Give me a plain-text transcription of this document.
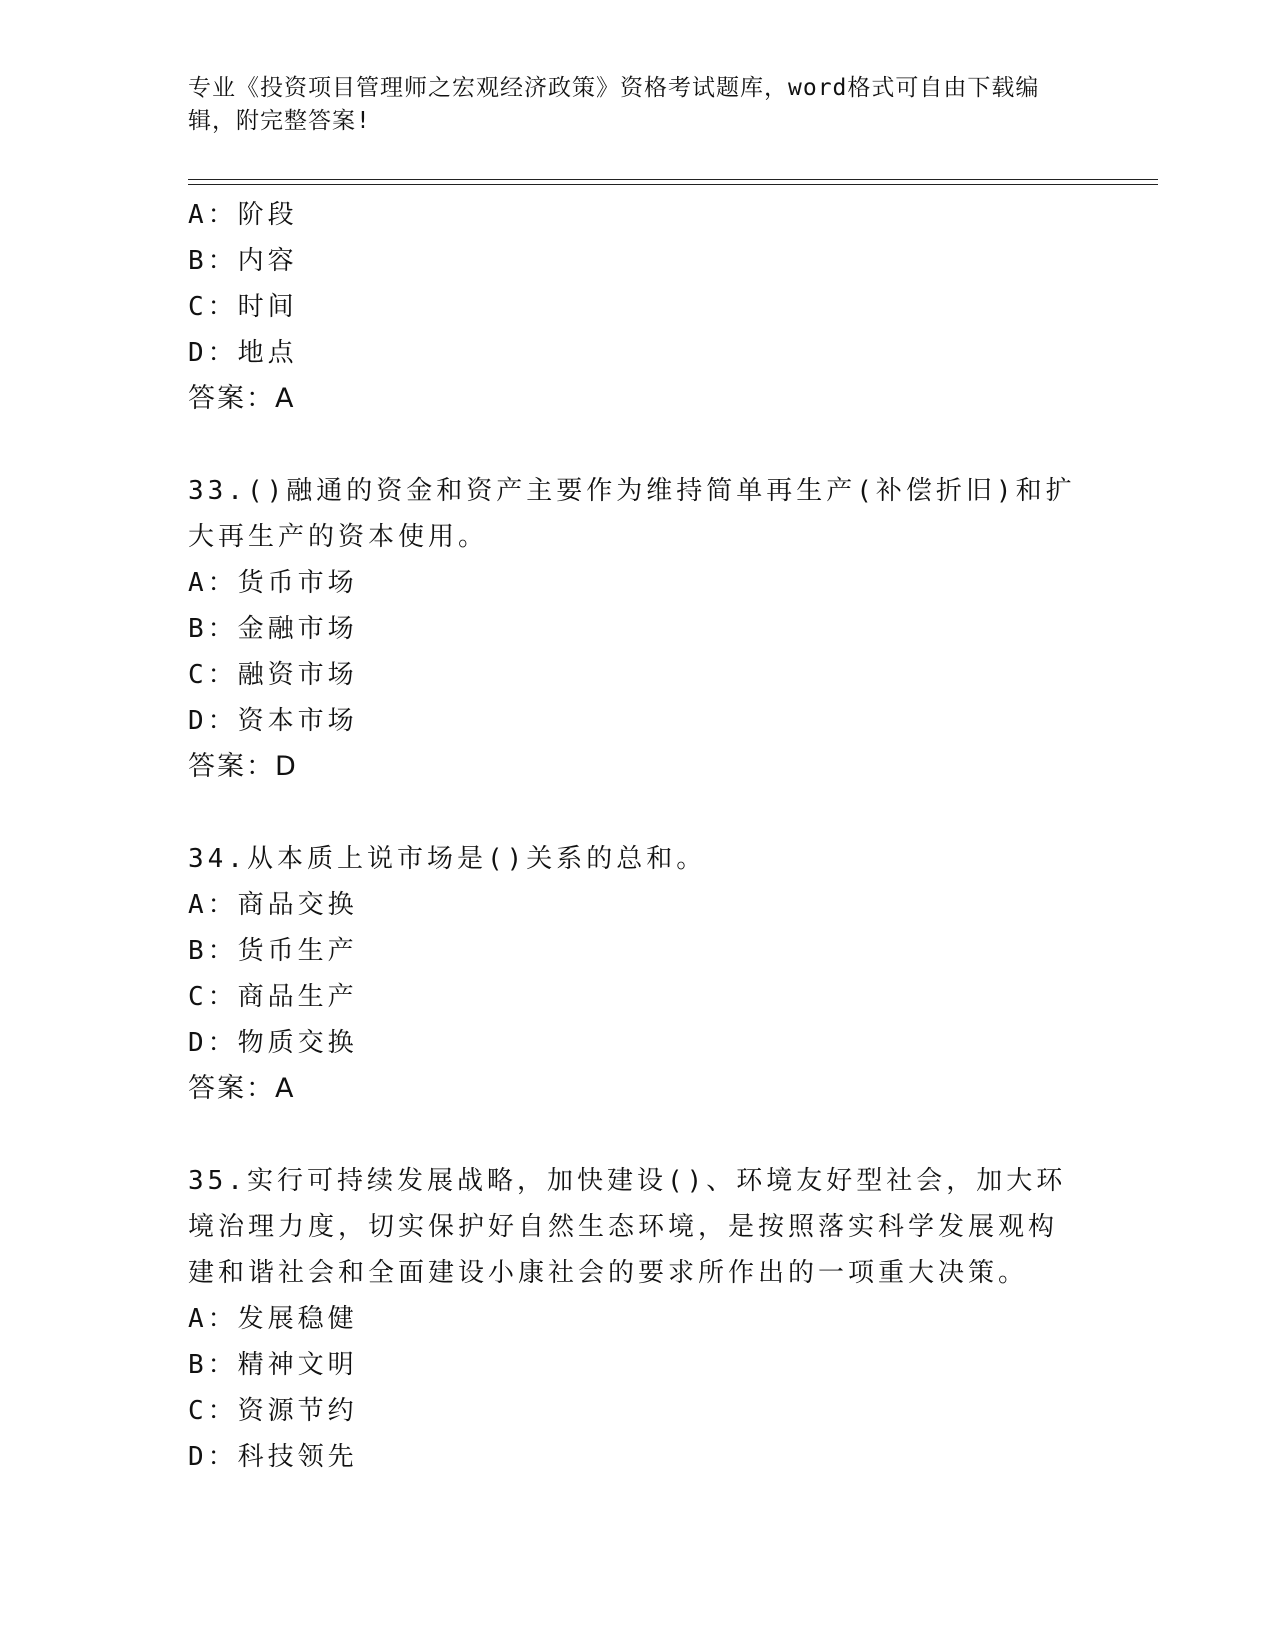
专业《投资项目管理师之宏观经济政策》资格考试题库，word格式可自由下载编
辑，附完整答案!
A：阶段
B：内容
C：时间
D：地点
答案：A
33.()融通的资金和资产主要作为维持简单再生产(补偿折旧)和扩大再生产的资本使用。
A：货币市场
B：金融市场
C：融资市场
D：资本市场
答案：D
34.从本质上说市场是()关系的总和。
A：商品交换
B：货币生产
C：商品生产
D：物质交换
答案：A
35.实行可持续发展战略，加快建设()、环境友好型社会，加大环境治理力度，切实保护好自然生态环境，是按照落实科学发展观构建和谐社会和全面建设小康社会的要求所作出的一项重大决策。
A：发展稳健
B：精神文明
C：资源节约
D：科技领先
